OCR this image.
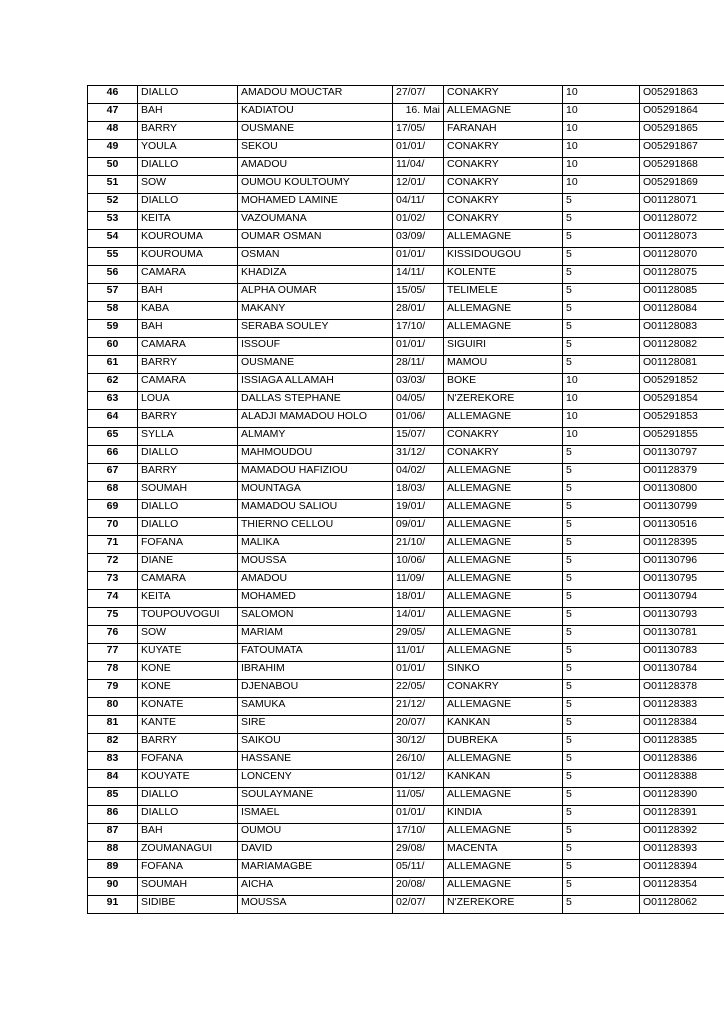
46	DIALLO	AMADOU MOUCTAR	27/07/	CONAKRY	10	O05291863
47	BAH	KADIATOU	16. Mai	ALLEMAGNE	10	O05291864
48	BARRY	OUSMANE	17/05/	FARANAH	10	O05291865
49	YOULA	SEKOU	01/01/	CONAKRY	10	O05291867
50	DIALLO	AMADOU	11/04/	CONAKRY	10	O05291868
51	SOW	OUMOU KOULTOUMY	12/01/	CONAKRY	10	O05291869
52	DIALLO	MOHAMED LAMINE	04/11/	CONAKRY	5	O01128071
53	KEITA	VAZOUMANA	01/02/	CONAKRY	5	O01128072
54	KOUROUMA	OUMAR OSMAN	03/09/	ALLEMAGNE	5	O01128073
55	KOUROUMA	OSMAN	01/01/	KISSIDOUGOU	5	O01128070
56	CAMARA	KHADIZA	14/11/	KOLENTE	5	O01128075
57	BAH	ALPHA OUMAR	15/05/	TELIMELE	5	O01128085
58	KABA	MAKANY	28/01/	ALLEMAGNE	5	O01128084
59	BAH	SERABA SOULEY	17/10/	ALLEMAGNE	5	O01128083
60	CAMARA	ISSOUF	01/01/	SIGUIRI	5	O01128082
61	BARRY	OUSMANE	28/11/	MAMOU	5	O01128081
62	CAMARA	ISSIAGA ALLAMAH	03/03/	BOKE	10	O05291852
63	LOUA	DALLAS STEPHANE	04/05/	N'ZEREKORE	10	O05291854
64	BARRY	ALADJI MAMADOU HOLO	01/06/	ALLEMAGNE	10	O05291853
65	SYLLA	ALMAMY	15/07/	CONAKRY	10	O05291855
66	DIALLO	MAHMOUDOU	31/12/	CONAKRY	5	O01130797
67	BARRY	MAMADOU HAFIZIOU	04/02/	ALLEMAGNE	5	O01128379
68	SOUMAH	MOUNTAGA	18/03/	ALLEMAGNE	5	O01130800
69	DIALLO	MAMADOU SALIOU	19/01/	ALLEMAGNE	5	O01130799
70	DIALLO	THIERNO CELLOU	09/01/	ALLEMAGNE	5	O01130516
71	FOFANA	MALIKA	21/10/	ALLEMAGNE	5	O01128395
72	DIANE	MOUSSA	10/06/	ALLEMAGNE	5	O01130796
73	CAMARA	AMADOU	11/09/	ALLEMAGNE	5	O01130795
74	KEITA	MOHAMED	18/01/	ALLEMAGNE	5	O01130794
75	TOUPOUVOGUI	SALOMON	14/01/	ALLEMAGNE	5	O01130793
76	SOW	MARIAM	29/05/	ALLEMAGNE	5	O01130781
77	KUYATE	FATOUMATA	11/01/	ALLEMAGNE	5	O01130783
78	KONE	IBRAHIM	01/01/	SINKO	5	O01130784
79	KONE	DJENABOU	22/05/	CONAKRY	5	O01128378
80	KONATE	SAMUKA	21/12/	ALLEMAGNE	5	O01128383
81	KANTE	SIRE	20/07/	KANKAN	5	O01128384
82	BARRY	SAIKOU	30/12/	DUBREKA	5	O01128385
83	FOFANA	HASSANE	26/10/	ALLEMAGNE	5	O01128386
84	KOUYATE	LONCENY	01/12/	KANKAN	5	O01128388
85	DIALLO	SOULAYMANE	11/05/	ALLEMAGNE	5	O01128390
86	DIALLO	ISMAEL	01/01/	KINDIA	5	O01128391
87	BAH	OUMOU	17/10/	ALLEMAGNE	5	O01128392
88	ZOUMANAGUI	DAVID	29/08/	MACENTA	5	O01128393
89	FOFANA	MARIAMAGBE	05/11/	ALLEMAGNE	5	O01128394
90	SOUMAH	AICHA	20/08/	ALLEMAGNE	5	O01128354
91	SIDIBE	MOUSSA	02/07/	N'ZEREKORE	5	O01128062
